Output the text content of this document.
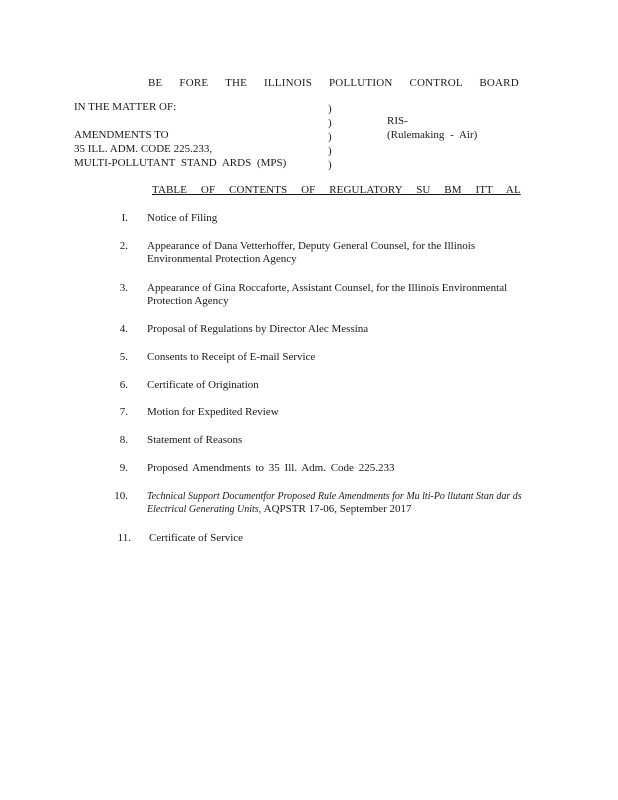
BE FORE THE ILLINOIS POLLUTION CONTROL BOARD
IN THE MATTER OF:
AMENDMENTS TO
35 ILL. ADM. CODE 225.233,
MULTI-POLLUTANT STAND ARDS (MPS)
)
)
)
)
)
RIS-
(Rulemaking - Air)
TABLE OF CONTENTS OF REGULATORY SU BM ITT AL
I. Notice of Filing
2. Appearance of Dana Vetterhoffer, Deputy General Counsel, for the Illinois Environmental Protection Agency
3. Appearance of Gina Roccaforte, Assistant Counsel, for the Illinois Environmental Protection Agency
4. Proposal of Regulations by Director Alec Messina
5. Consents to Receipt of E-mail Service
6. Certificate of Origination
7. Motion for Expedited Review
8. Statement of Reasons
9. Proposed Amendments to 35 Ill. Adm. Code 225.233
10. Technical Support Documentfor Proposed Rule Amendments for Mu lti-Po llutant Stan dar ds Electrical Generating Units, AQPSTR 17-06, September 2017
11. Certificate of Service
